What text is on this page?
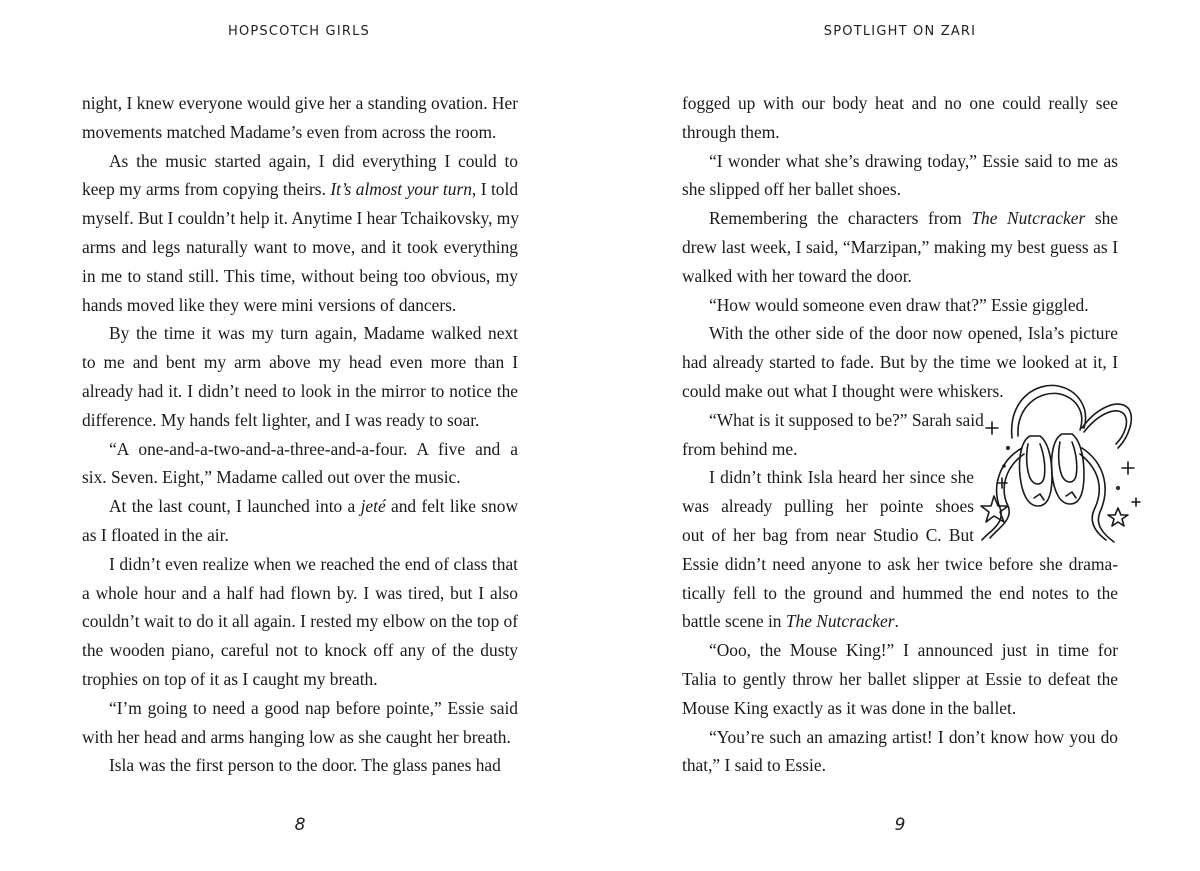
HOPSCOTCH GIRLS

night, I knew everyone would give her a standing ovation. Her
movements matched Madame’s even from across the room.

As the music started again, I did everything I could to
keep my arms from copying theirs. It’s almost your turn, I told
myself. But I couldn’t help it. Anytime I hear Tchaikovsky, my
arms and legs naturally want to move, and it took everything
in me to stand still. This time, without being too obvious, my
hands moved like they were mini versions of dancers.

By the time it was my turn again, Madame walked next
to me and bent my arm above my head even more than I
already had it. I didn’t need to look in the mirror to notice the
difference. My hands felt lighter, and I was ready to soar.

“A one-and-a-two-and-a-three-and-a-four. A five and a
six. Seven. Eight,” Madame called out over the music.

At the last count, I launched into a jeté and felt like snow
as I floated in the air.

I didn’t even realize when we reached the end of class that
a whole hour and a half had flown by. I was tired, but I also
couldn’t wait to do it all again. I rested my elbow on the top of
the wooden piano, careful not to knock off any of the dusty
trophies on top of it as I caught my breath.

“I’m going to need a good nap before pointe,” Essie said
with her head and arms hanging low as she caught her breath.

Isla was the first person to the door. The glass panes had

8
SPOTLIGHT ON ZARI

fogged up with our body heat and no one could really see
through them.

“I wonder what she’s drawing today,” Essie said to me as
she slipped off her ballet shoes.

Remembering the characters from The Nutcracker she
drew last week, I said, “Marzipan,” making my best guess as I
walked with her toward the door.

“How would someone even draw that?” Essie giggled.

With the other side of the door now opened, Isla’s picture
had already started to fade. But by the time we looked at it, I
could make out what I thought were whiskers.

“What is it supposed to be?” Sarah said
from behind me.

I didn’t think Isla heard her since she
was already pulling her pointe shoes
out of her bag from near Studio C. But
Essie didn’t need anyone to ask her twice before she drama-
tically fell to the ground and hummed the end notes to the
battle scene in The Nutcracker.

“Ooo, the Mouse King!” I announced just in time for
Talia to gently throw her ballet slipper at Essie to defeat the
Mouse King exactly as it was done in the ballet.

“You’re such an amazing artist! I don’t know how you do
that,” I said to Essie.

9
